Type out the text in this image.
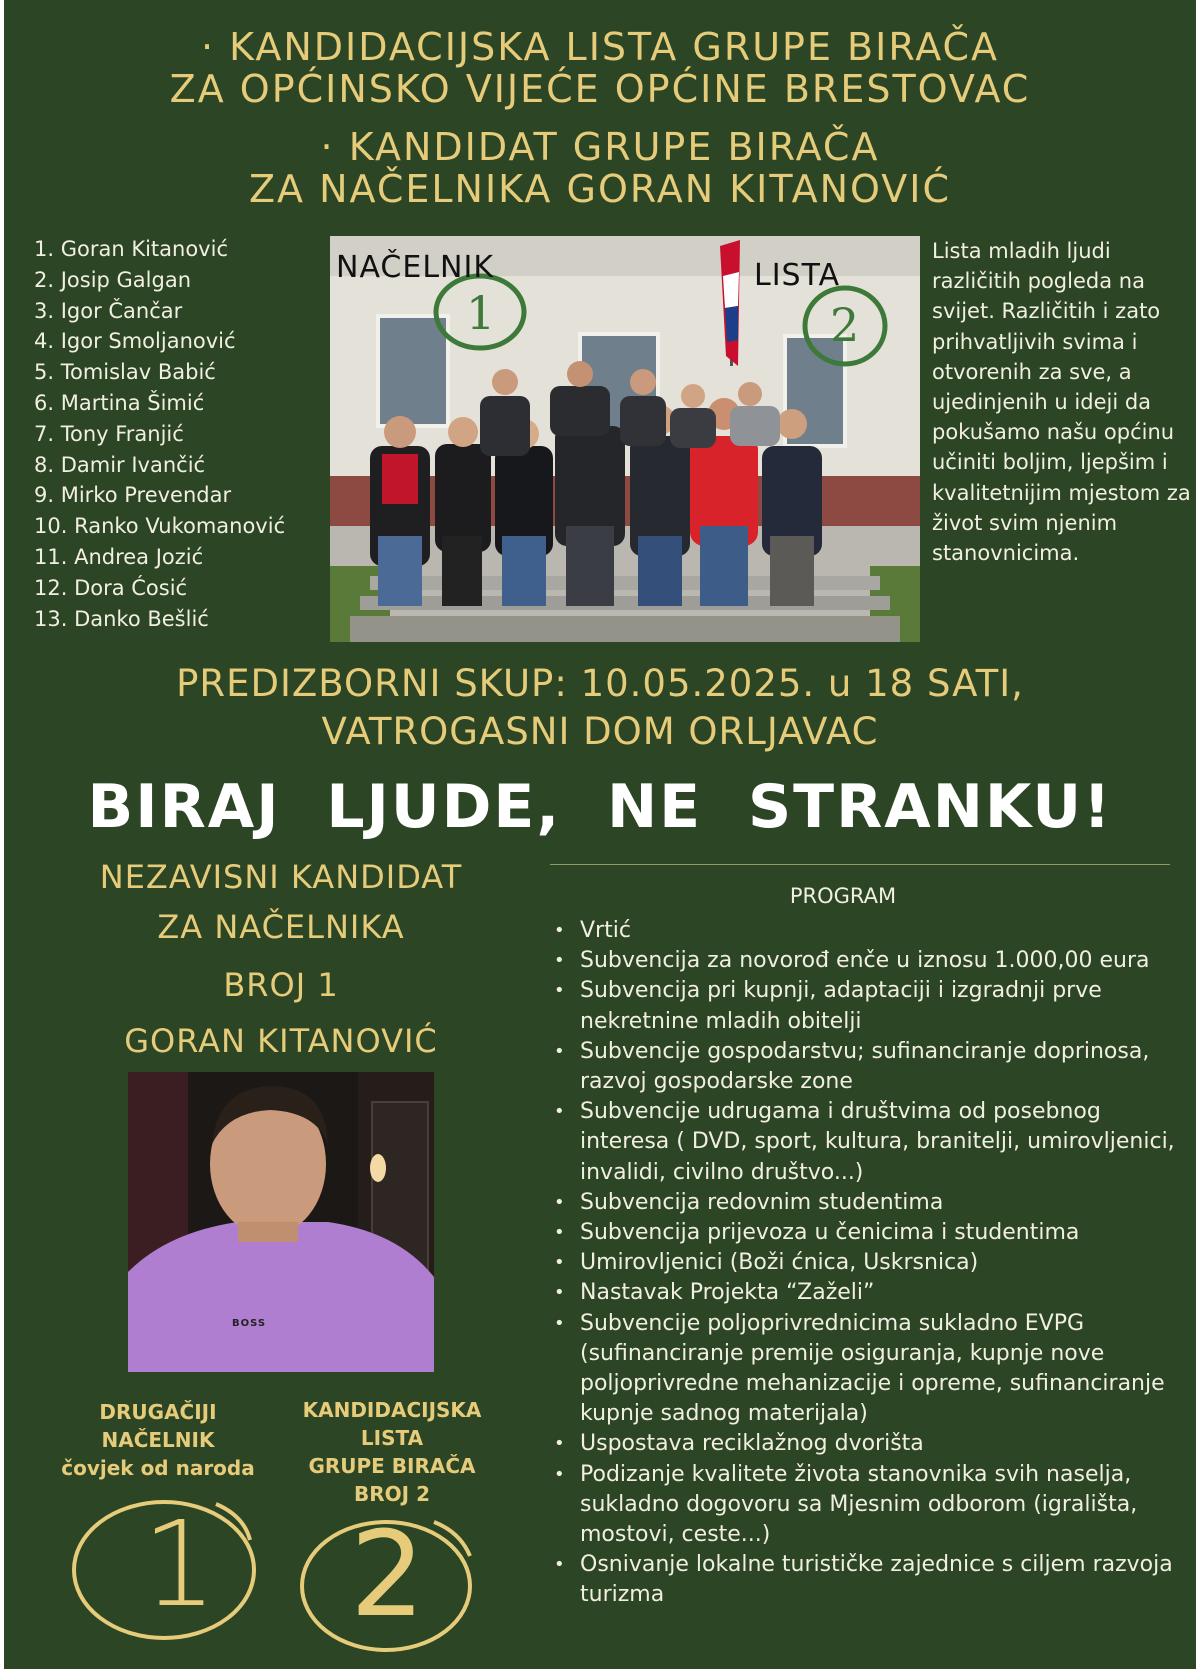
· KANDIDACIJSKA LISTA GRUPE BIRAČA
ZA OPĆINSKO VIJEĆE OPĆINE BRESTOVAC
· KANDIDAT GRUPE BIRAČA
ZA NAČELNIKA GORAN KITANOVIĆ
1. Goran Kitanović
2. Josip Galgan
3. Igor Čančar
4. Igor Smoljanović
5. Tomislav Babić
6. Martina Šimić
7. Tony Franjić
8. Damir Ivančić
9. Mirko Prevendar
10. Ranko Vukomanović
11. Andrea Jozić
12. Dora Ćosić
13. Danko Bešlić
NAČELNIK	LISTA
1	2
Lista mladih ljudi različitih pogleda na svijet. Različitih i zato prihvatljivih svima i otvorenih za sve, a ujedinjenih u ideji da pokušamo našu općinu učiniti boljim, ljepšim i kvalitetnijim mjestom za život svim njenim stanovnicima.
PREDIZBORNI SKUP: 10.05.2025. u 18 SATI,
VATROGASNI DOM ORLJAVAC
BIRAJ  LJUDE,  NE  STRANKU!
NEZAVISNI KANDIDAT
ZA NAČELNIKA
BROJ 1
GORAN KITANOVIĆ
BOSS
DRUGAČIJI
NAČELNIK
čovjek od naroda
KANDIDACIJSKA
LISTA
GRUPE BIRAČA
BROJ 2
1 2
PROGRAM
• Vrtić
• Subvencija za novorođ enče u iznosu 1.000,00 eura
• Subvencija pri kupnji, adaptaciji i izgradnji prve nekretnine mladih obitelji
• Subvencije gospodarstvu; sufinanciranje doprinosa, razvoj gospodarske zone
• Subvencije udrugama i društvima od posebnog interesa ( DVD, sport, kultura, branitelji, umirovljenici, invalidi, civilno društvo...)
• Subvencija redovnim studentima
• Subvencija prijevoza u čenicima i studentima
• Umirovljenici (Boži ćnica, Uskrsnica)
• Nastavak Projekta “Zaželi”
• Subvencije poljoprivrednicima sukladno EVPG (sufinanciranje premije osiguranja, kupnje nove poljoprivredne mehanizacije i opreme, sufinanciranje kupnje sadnog materijala)
• Uspostava reciklažnog dvorišta
• Podizanje kvalitete života stanovnika svih naselja, sukladno dogovoru sa Mjesnim odborom (igrališta, mostovi, ceste...)
• Osnivanje lokalne turističke zajednice s ciljem razvoja turizma
